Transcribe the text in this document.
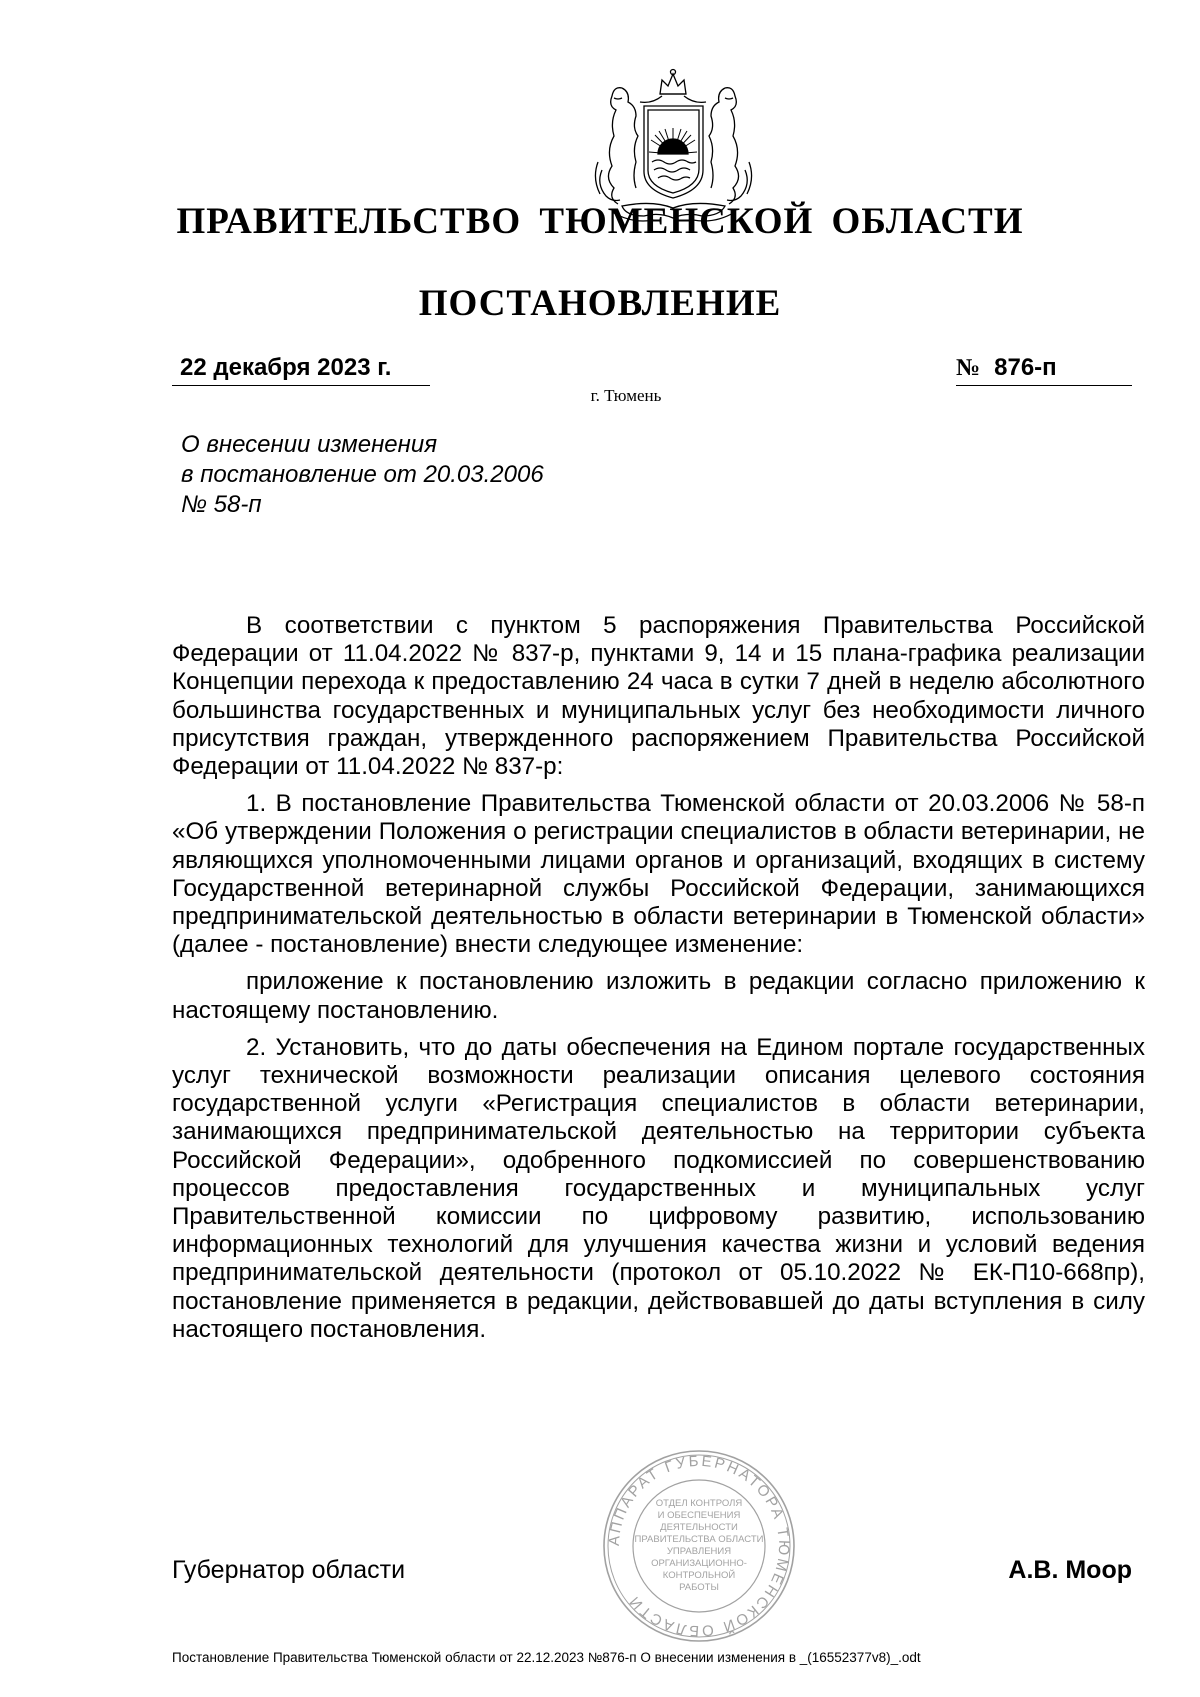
ПРАВИТЕЛЬСТВО ТЮМЕНСКОЙ ОБЛАСТИ
ПОСТАНОВЛЕНИЕ
22 декабря 2023 г.	№ 876-п
г. Тюмень
О внесении изменения
в постановление от 20.03.2006
№ 58-п

В соответствии с пунктом 5 распоряжения Правительства Российской Федерации от 11.04.2022 № 837-р, пунктами 9, 14 и 15 плана-графика реализации Концепции перехода к предоставлению 24 часа в сутки 7 дней в неделю абсолютного большинства государственных и муниципальных услуг без необходимости личного присутствия граждан, утвержденного распоряжением Правительства Российской Федерации от 11.04.2022 № 837-р:

1. В постановление Правительства Тюменской области от 20.03.2006 № 58-п «Об утверждении Положения о регистрации специалистов в области ветеринарии, не являющихся уполномоченными лицами органов и организаций, входящих в систему Государственной ветеринарной службы Российской Федерации, занимающихся предпринимательской деятельностью в области ветеринарии в Тюменской области» (далее - постановление) внести следующее изменение:

приложение к постановлению изложить в редакции согласно приложению к настоящему постановлению.

2. Установить, что до даты обеспечения на Едином портале государственных услуг технической возможности реализации описания целевого состояния государственной услуги «Регистрация специалистов в области ветеринарии, занимающихся предпринимательской деятельностью на территории субъекта Российской Федерации», одобренного подкомиссией по совершенствованию процессов предоставления государственных и муниципальных услуг Правительственной комиссии по цифровому развитию, использованию информационных технологий для улучшения качества жизни и условий ведения предпринимательской деятельности (протокол от 05.10.2022 № ЕК-П10-668пр), постановление применяется в редакции, действовавшей до даты вступления в силу настоящего постановления.

АППАРАТ ГУБЕРНАТОРА ТЮМЕНСКОЙ ОБЛАСТИ
ОТДЕЛ КОНТРОЛЯ
И ОБЕСПЕЧЕНИЯ
ДЕЯТЕЛЬНОСТИ
ПРАВИТЕЛЬСТВА ОБЛАСТИ
УПРАВЛЕНИЯ
ОРГАНИЗАЦИОННО-
КОНТРОЛЬНОЙ
РАБОТЫ
Губернатор области	А.В. Моор
Постановление Правительства Тюменской области от 22.12.2023 №876-п О внесении изменения в _(16552377v8)_.odt
